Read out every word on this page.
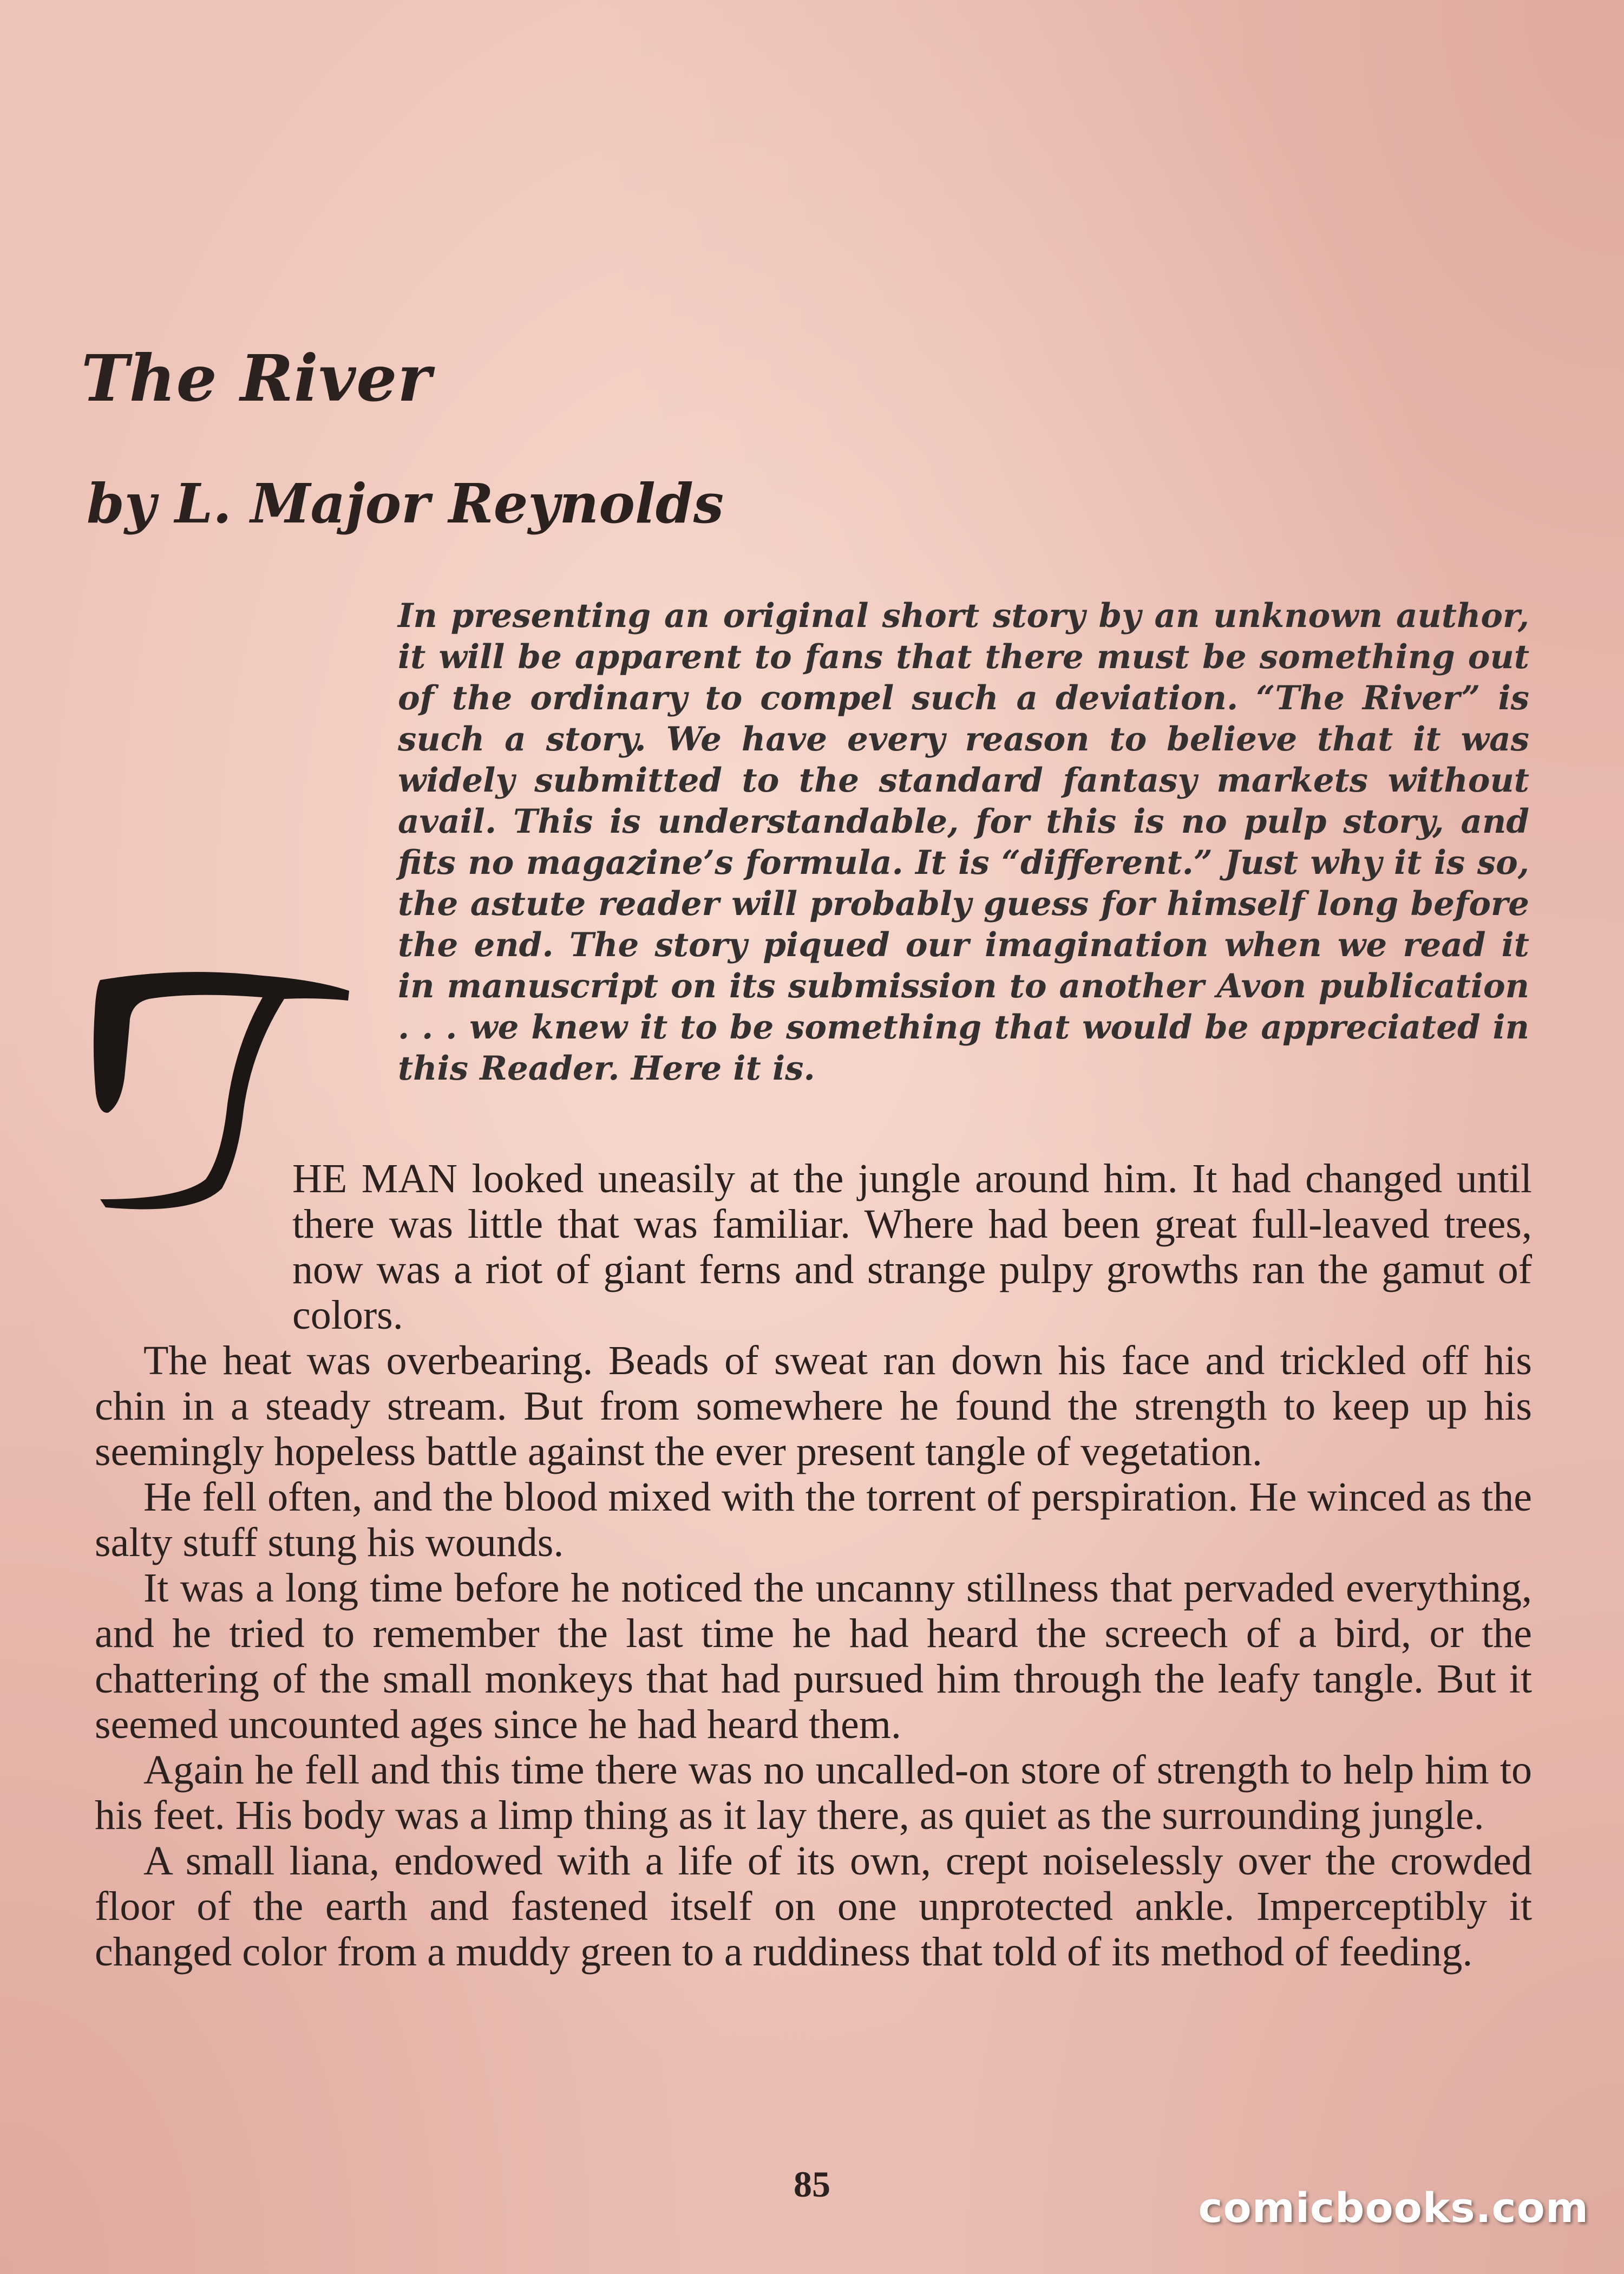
The River
by L. Major Reynolds

In presenting an original short story by an unknown author, it will be apparent to fans that there must be something out of the ordinary to compel such a deviation. “The River” is such a story. We have every reason to believe that it was widely submitted to the standard fantasy markets without avail. This is understandable, for this is no pulp story, and fits no magazine’s formula. It is “different.” Just why it is so, the astute reader will probably guess for himself long before the end. The story piqued our imagination when we read it in manuscript on its submission to another Avon publication . . . we knew it to be something that would be appreciated in this Reader. Here it is.

HE MAN looked uneasily at the jungle around him. It had changed until there was little that was familiar. Where had been great full-leaved trees, now was a riot of giant ferns and strange pulpy growths ran the gamut of colors.

The heat was overbearing. Beads of sweat ran down his face and trickled off his chin in a steady stream. But from somewhere he found the strength to keep up his seemingly hopeless battle against the ever present tangle of vegetation.

He fell often, and the blood mixed with the torrent of perspiration. He winced as the salty stuff stung his wounds.

It was a long time before he noticed the uncanny stillness that pervaded everything, and he tried to remember the last time he had heard the screech of a bird, or the chattering of the small monkeys that had pursued him through the leafy tangle. But it seemed uncounted ages since he had heard them.

Again he fell and this time there was no uncalled-on store of strength to help him to his feet. His body was a limp thing as it lay there, as quiet as the surrounding jungle.

A small liana, endowed with a life of its own, crept noiselessly over the crowded floor of the earth and fastened itself on one unprotected ankle. Imperceptibly it changed color from a muddy green to a ruddiness that told of its method of feeding.

85	comicbooks.com
